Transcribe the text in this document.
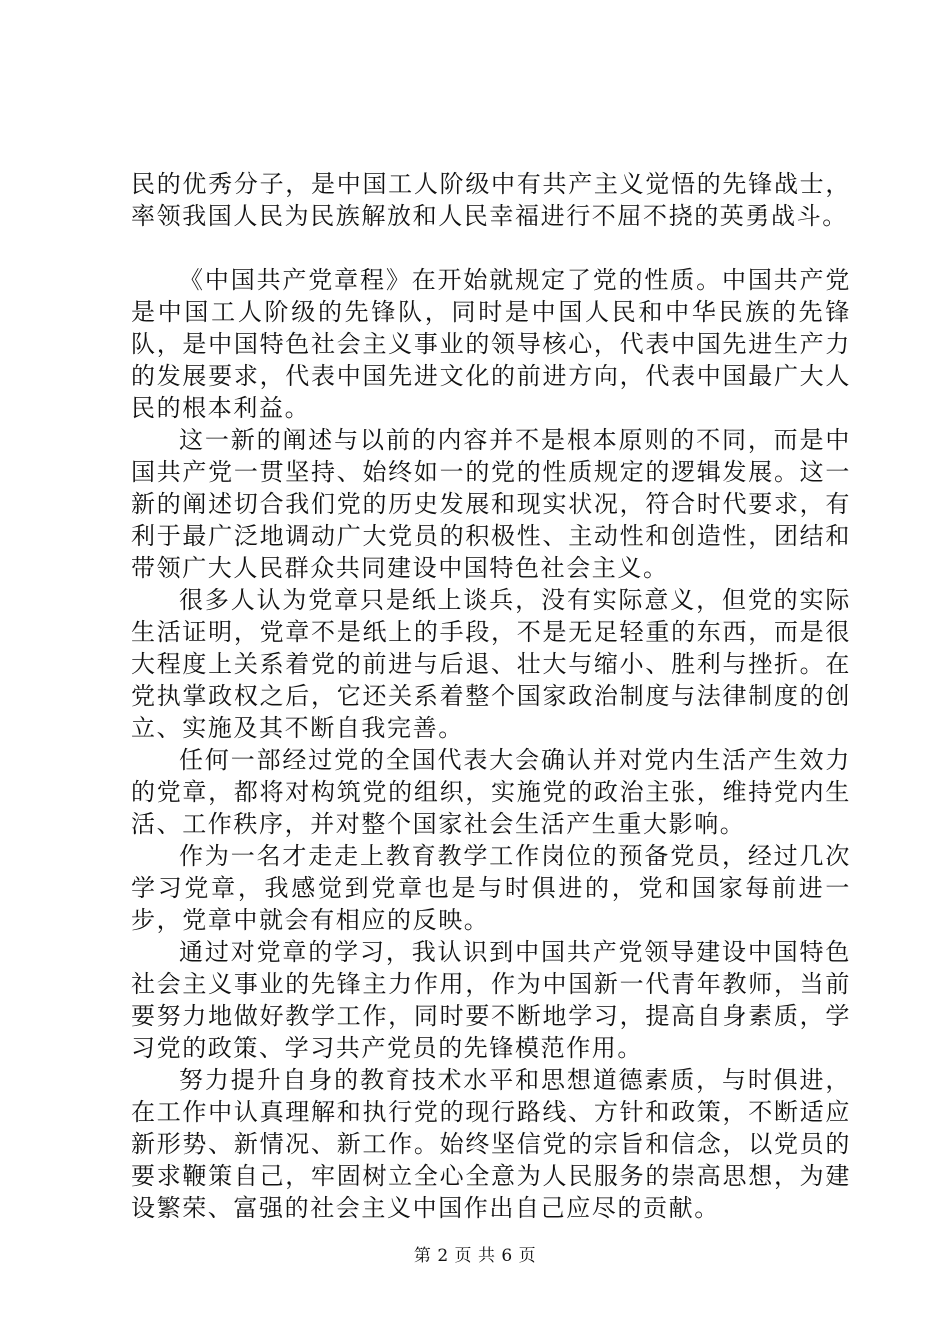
民的优秀分子，是中国工人阶级中有共产主义觉悟的先锋战士，率领我国人民为民族解放和人民幸福进行不屈不挠的英勇战斗。

《中国共产党章程》在开始就规定了党的性质。中国共产党是中国工人阶级的先锋队，同时是中国人民和中华民族的先锋队，是中国特色社会主义事业的领导核心，代表中国先进生产力的发展要求，代表中国先进文化的前进方向，代表中国最广大人民的根本利益。

这一新的阐述与以前的内容并不是根本原则的不同，而是中国共产党一贯坚持、始终如一的党的性质规定的逻辑发展。这一新的阐述切合我们党的历史发展和现实状况，符合时代要求，有利于最广泛地调动广大党员的积极性、主动性和创造性，团结和带领广大人民群众共同建设中国特色社会主义。

很多人认为党章只是纸上谈兵，没有实际意义，但党的实际生活证明，党章不是纸上的手段，不是无足轻重的东西，而是很大程度上关系着党的前进与后退、壮大与缩小、胜利与挫折。在党执掌政权之后，它还关系着整个国家政治制度与法律制度的创立、实施及其不断自我完善。

任何一部经过党的全国代表大会确认并对党内生活产生效力的党章，都将对构筑党的组织，实施党的政治主张，维持党内生活、工作秩序，并对整个国家社会生活产生重大影响。

作为一名才走走上教育教学工作岗位的预备党员，经过几次学习党章，我感觉到党章也是与时俱进的，党和国家每前进一步，党章中就会有相应的反映。

通过对党章的学习，我认识到中国共产党领导建设中国特色社会主义事业的先锋主力作用，作为中国新一代青年教师，当前要努力地做好教学工作，同时要不断地学习，提高自身素质，学习党的政策、学习共产党员的先锋模范作用。

努力提升自身的教育技术水平和思想道德素质，与时俱进，在工作中认真理解和执行党的现行路线、方针和政策，不断适应新形势、新情况、新工作。始终坚信党的宗旨和信念，以党员的要求鞭策自己，牢固树立全心全意为人民服务的崇高思想，为建设繁荣、富强的社会主义中国作出自己应尽的贡献。

第 2 页 共 6 页
